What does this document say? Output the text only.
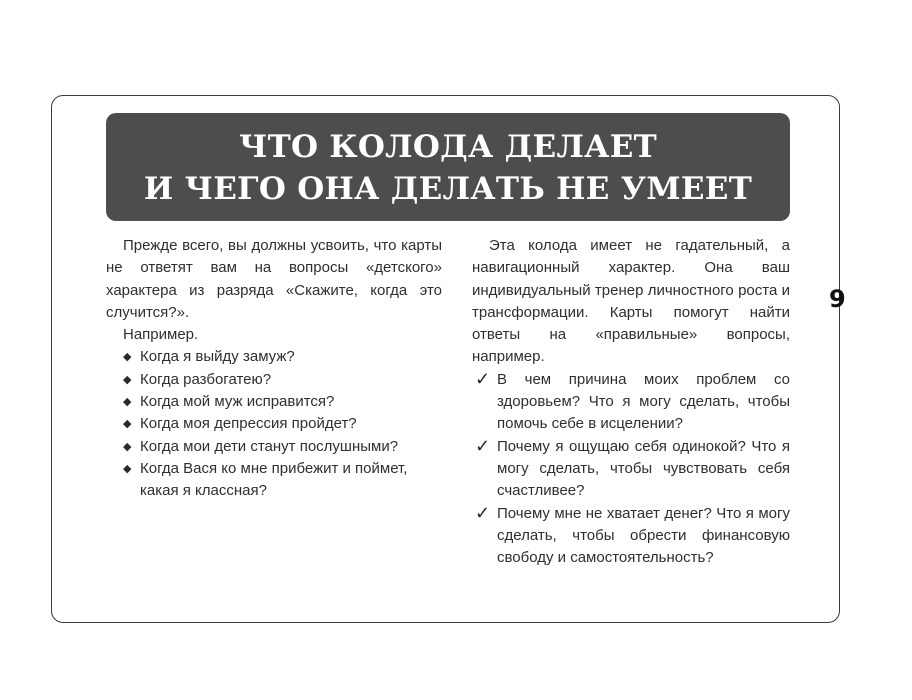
ЧТО КОЛОДА ДЕЛАЕТ
И ЧЕГО ОНА ДЕЛАТЬ НЕ УМЕЕТ

Прежде всего, вы должны усвоить, что карты не ответят вам на вопросы «детского» характера из разряда «Скажите, когда это случится?».

Например.

◆ Когда я выйду замуж?
◆ Когда разбогатею?
◆ Когда мой муж исправится?
◆ Когда моя депрессия пройдет?
◆ Когда мои дети станут послушными?
◆ Когда Вася ко мне прибежит и поймет, какая я классная?

Эта колода имеет не гадательный, а навигационный характер. Она ваш индивидуальный тренер личностного роста и трансформации. Карты помогут найти ответы на «правильные» вопросы, например.

✓ В чем причина моих проблем со здоровьем? Что я могу сделать, чтобы помочь себе в исцелении?
✓ Почему я ощущаю себя одинокой? Что я могу сделать, чтобы чувствовать себя счастливее?
✓ Почему мне не хватает денег? Что я могу сделать, чтобы обрести финансовую свободу и самостоятельность?
9
